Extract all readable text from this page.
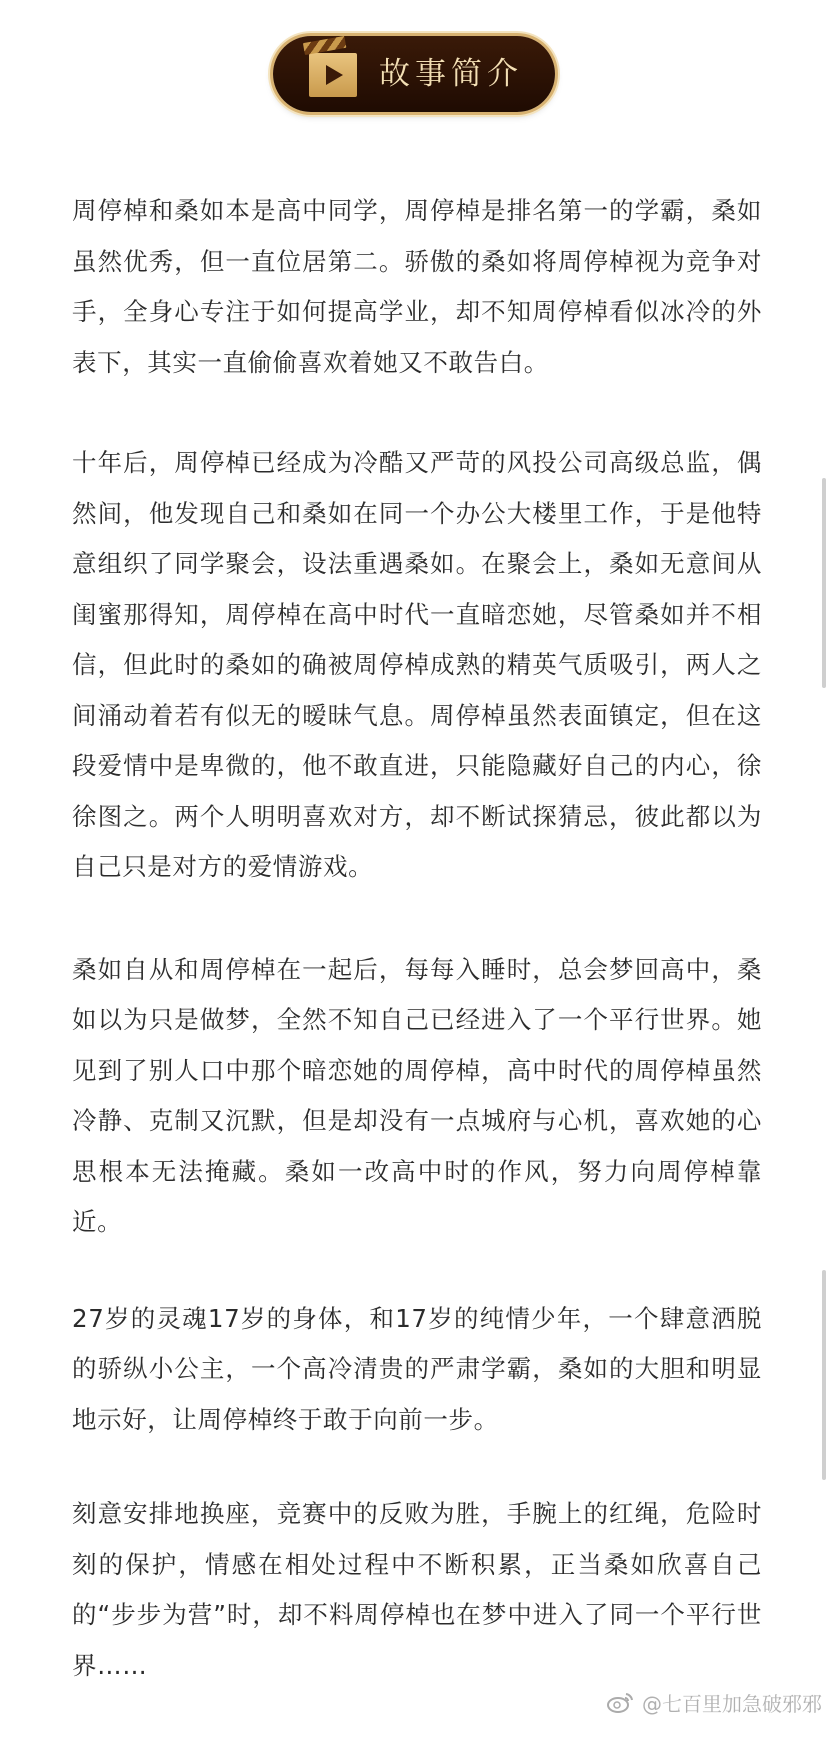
故事简介

周停棹和桑如本是高中同学，周停棹是排名第一的学霸，桑如虽然优秀，但一直位居第二。骄傲的桑如将周停棹视为竞争对手，全身心专注于如何提高学业，却不知周停棹看似冰冷的外表下，其实一直偷偷喜欢着她又不敢告白。

十年后，周停棹已经成为冷酷又严苛的风投公司高级总监，偶然间，他发现自己和桑如在同一个办公大楼里工作，于是他特意组织了同学聚会，设法重遇桑如。在聚会上，桑如无意间从闺蜜那得知，周停棹在高中时代一直暗恋她，尽管桑如并不相信，但此时的桑如的确被周停棹成熟的精英气质吸引，两人之间涌动着若有似无的暧昧气息。周停棹虽然表面镇定，但在这段爱情中是卑微的，他不敢直进，只能隐藏好自己的内心，徐徐图之。两个人明明喜欢对方，却不断试探猜忌，彼此都以为自己只是对方的爱情游戏。

桑如自从和周停棹在一起后，每每入睡时，总会梦回高中，桑如以为只是做梦，全然不知自己已经进入了一个平行世界。她见到了别人口中那个暗恋她的周停棹，高中时代的周停棹虽然冷静、克制又沉默，但是却没有一点城府与心机，喜欢她的心思根本无法掩藏。桑如一改高中时的作风，努力向周停棹靠近。

27岁的灵魂17岁的身体，和17岁的纯情少年，一个肆意洒脱的骄纵小公主，一个高冷清贵的严肃学霸，桑如的大胆和明显地示好，让周停棹终于敢于向前一步。

刻意安排地换座，竞赛中的反败为胜，手腕上的红绳，危险时刻的保护，情感在相处过程中不断积累，正当桑如欣喜自己的“步步为营”时，却不料周停棹也在梦中进入了同一个平行世界……

@七百里加急破邪邪
